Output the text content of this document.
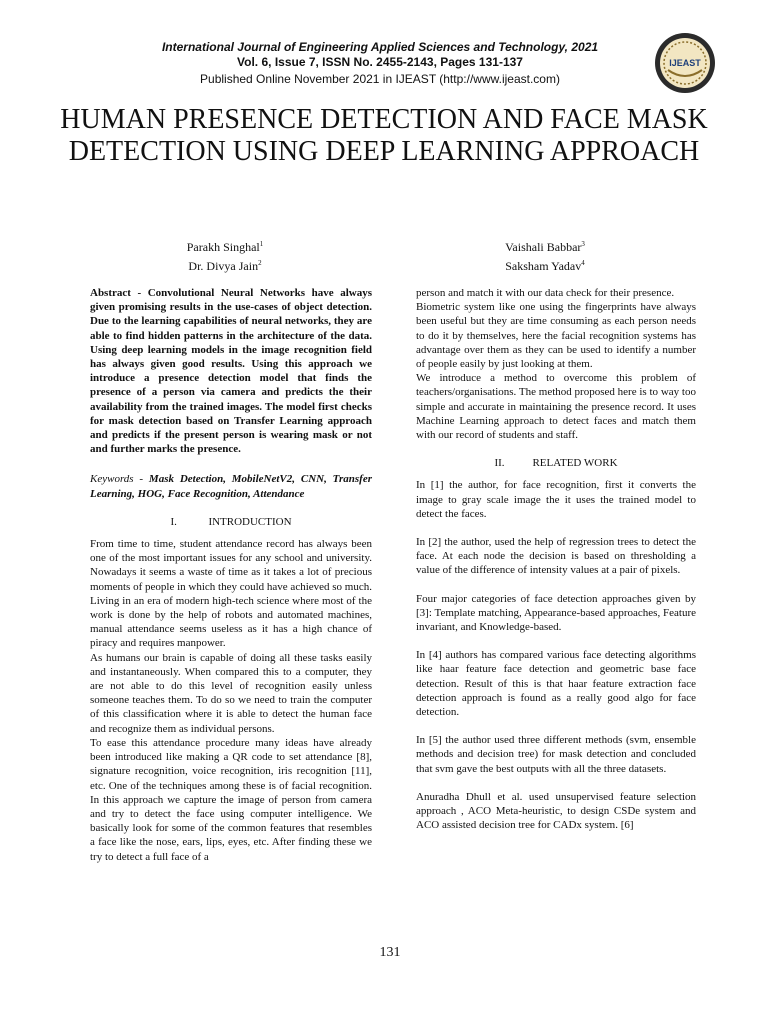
International Journal of Engineering Applied Sciences and Technology, 2021
Vol. 6, Issue 7, ISSN No. 2455-2143, Pages 131-137
Published Online November 2021 in IJEAST (http://www.ijeast.com)
IJEAST
HUMAN PRESENCE DETECTION AND FACE MASK DETECTION USING DEEP LEARNING APPROACH
Parakh Singhal$^1$
Dr. Divya Jain$^2$
Vaishali Babbar$^3$
Saksham Yadav$^4$

Abstract - Convolutional Neural Networks have always given promising results in the use-cases of object detection. Due to the learning capabilities of neural networks, they are able to find hidden patterns in the architecture of the data. Using deep learning models in the image recognition field has always given good results. Using this approach we introduce a presence detection model that finds the presence of a person via camera and predicts the their availability from the trained images. The model first checks for mask detection based on Transfer Learning approach and predicts if the present person is wearing mask or not and further marks the presence.

Keywords - Mask Detection, MobileNetV2, CNN, Transfer Learning, HOG, Face Recognition, Attendance

I.	INTRODUCTION

From time to time, student attendance record has always been one of the most important issues for any school and university. Nowadays it seems a waste of time as it takes a lot of precious moments of people in which they could have achieved so much. Living in an era of modern high-tech science where most of the work is done by the help of robots and automated machines, manual attendance seems useless as it has a high chance of piracy and requires manpower.

As humans our brain is capable of doing all these tasks easily and instantaneously. When compared this to a computer, they are not able to do this level of recognition easily unless someone teaches them. To do so we need to train the computer of this classification where it is able to detect the human face and recognize them as individual persons.

To ease this attendance procedure many ideas have already been introduced like making a QR code to set attendance [8], signature recognition, voice recognition, iris recognition [11], etc. One of the techniques among these is of facial recognition. In this approach we capture the image of person from camera and try to detect the face using computer intelligence. We basically look for some of the common features that resembles a face like the nose, ears, lips, eyes, etc. After finding these we try to detect a full face of a

person and match it with our data check for their presence.

Biometric system like one using the fingerprints have always been useful but they are time consuming as each person needs to do it by themselves, here the facial recognition systems has advantage over them as they can be used to identify a number of people easily by just looking at them.

We introduce a method to overcome this problem of teachers/organisations. The method proposed here is to way too simple and accurate in maintaining the presence record. It uses Machine Learning approach to detect faces and match them with our record of students and staff.

II.	RELATED WORK

In [1] the author, for face recognition, first it converts the image to gray scale image the it uses the trained model to detect the faces.

In [2] the author, used the help of regression trees to detect the face. At each node the decision is based on thresholding a value of the difference of intensity values at a pair of pixels.

Four major categories of face detection approaches given by [3]: Template matching, Appearance-based approaches, Feature invariant, and Knowledge-based.

In [4] authors has compared various face detecting algorithms like haar feature face detection and geometric base face detection. Result of this is that haar feature extraction face detection approach is found as a really good algo for face detection.

In [5] the author used three different methods (svm, ensemble methods and decision tree) for mask detection and concluded that svm gave the best outputs with all the three datasets.

Anuradha Dhull et al. used unsupervised feature selection approach , ACO Meta-heuristic, to design CSDe system and ACO assisted decision tree for CADx system. [6]

131
